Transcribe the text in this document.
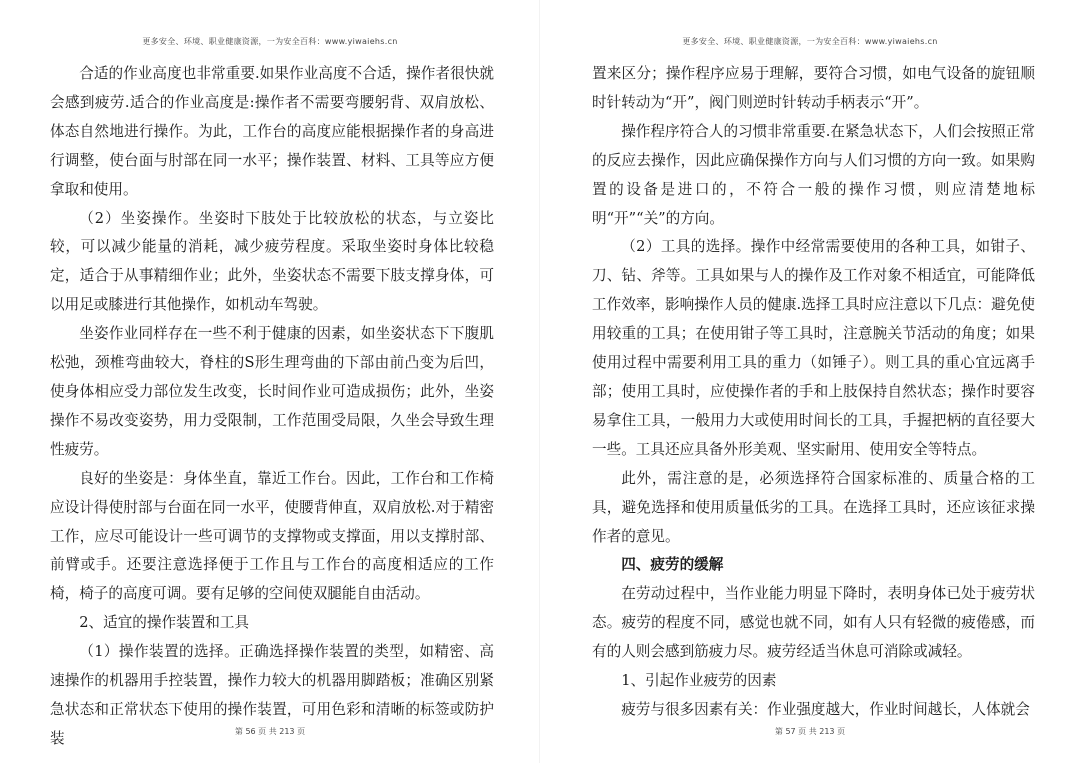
更多安全、环境、职业健康资源，一为安全百科：www.yiwaiehs.cn

合适的作业高度也非常重要.如果作业高度不合适，操作者很快就会感到疲劳.适合的作业高度是:操作者不需要弯腰躬背、双肩放松、体态自然地进行操作。为此，工作台的高度应能根据操作者的身高进行调整，使台面与肘部在同一水平；操作装置、材料、工具等应方便拿取和使用。

（2）坐姿操作。坐姿时下肢处于比较放松的状态，与立姿比较，可以减少能量的消耗，减少疲劳程度。采取坐姿时身体比较稳定，适合于从事精细作业；此外，坐姿状态不需要下肢支撑身体，可以用足或膝进行其他操作，如机动车驾驶。

坐姿作业同样存在一些不利于健康的因素，如坐姿状态下下腹肌松弛，颈椎弯曲较大，脊柱的S形生理弯曲的下部由前凸变为后凹，使身体相应受力部位发生改变，长时间作业可造成损伤；此外，坐姿操作不易改变姿势，用力受限制，工作范围受局限，久坐会导致生理性疲劳。

良好的坐姿是：身体坐直，靠近工作台。因此，工作台和工作椅应设计得使肘部与台面在同一水平，使腰背伸直，双肩放松.对于精密工作，应尽可能设计一些可调节的支撑物或支撑面，用以支撑肘部、前臂或手。还要注意选择便于工作且与工作台的高度相适应的工作椅，椅子的高度可调。要有足够的空间使双腿能自由活动。

2、适宜的操作装置和工具

（1）操作装置的选择。正确选择操作装置的类型，如精密、高速操作的机器用手控装置，操作力较大的机器用脚踏板；准确区别紧急状态和正常状态下使用的操作装置，可用色彩和清晰的标签或防护装	第 56 页 共 213 页
更多安全、环境、职业健康资源，一为安全百科：www.yiwaiehs.cn

置来区分；操作程序应易于理解，要符合习惯，如电气设备的旋钮顺时针转动为“开”，阀门则逆时针转动手柄表示“开”。

操作程序符合人的习惯非常重要.在紧急状态下，人们会按照正常的反应去操作，因此应确保操作方向与人们习惯的方向一致。如果购置的设备是进口的，不符合一般的操作习惯，则应清楚地标明“开”“关”的方向。

（2）工具的选择。操作中经常需要使用的各种工具，如钳子、刀、钻、斧等。工具如果与人的操作及工作对象不相适宜，可能降低工作效率，影响操作人员的健康.选择工具时应注意以下几点：避免使用较重的工具；在使用钳子等工具时，注意腕关节活动的角度；如果使用过程中需要利用工具的重力（如锤子）。则工具的重心宜远离手部；使用工具时，应使操作者的手和上肢保持自然状态；操作时要容易拿住工具，一般用力大或使用时间长的工具，手握把柄的直径要大一些。工具还应具备外形美观、坚实耐用、使用安全等特点。

此外，需注意的是，必须选择符合国家标准的、质量合格的工具，避免选择和使用质量低劣的工具。在选择工具时，还应该征求操作者的意见。

四、疲劳的缓解

在劳动过程中，当作业能力明显下降时，表明身体已处于疲劳状态。疲劳的程度不同，感觉也就不同，如有人只有轻微的疲倦感，而有的人则会感到筋疲力尽。疲劳经适当休息可消除或减轻。

1、引起作业疲劳的因素

疲劳与很多因素有关：作业强度越大，作业时间越长，人体就会

第 57 页 共 213 页
